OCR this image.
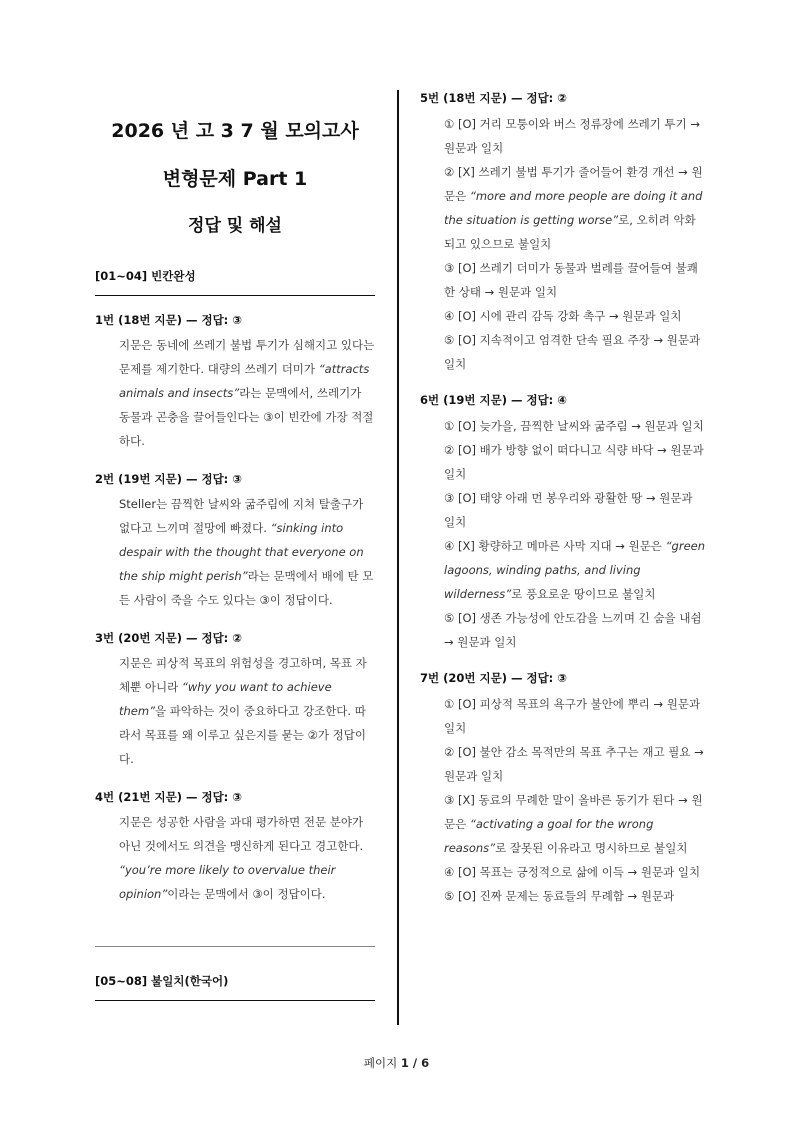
2026 년 고 3 7 월 모의고사
변형문제 Part 1
정답 및 해설
[01~04] 빈칸완성
1번 (18번 지문) — 정답: ③
지문은 동네에 쓰레기 불법 투기가 심해지고 있다는 문제를 제기한다. 대량의 쓰레기 더미가 “attracts animals and insects”라는 문맥에서, 쓰레기가 동물과 곤충을 끌어들인다는 ③이 빈칸에 가장 적절하다.
2번 (19번 지문) — 정답: ③
Steller는 끔찍한 날씨와 굶주림에 지쳐 탈출구가 없다고 느끼며 절망에 빠졌다. “sinking into despair with the thought that everyone on the ship might perish”라는 문맥에서 배에 탄 모든 사람이 죽을 수도 있다는 ③이 정답이다.
3번 (20번 지문) — 정답: ②
지문은 피상적 목표의 위험성을 경고하며, 목표 자체뿐 아니라 “why you want to achieve them”을 파악하는 것이 중요하다고 강조한다. 따라서 목표를 왜 이루고 싶은지를 묻는 ②가 정답이다.
4번 (21번 지문) — 정답: ③
지문은 성공한 사람을 과대 평가하면 전문 분야가 아닌 것에서도 의견을 맹신하게 된다고 경고한다. “you’re more likely to overvalue their opinion”이라는 문맥에서 ③이 정답이다.
[05~08] 불일치(한국어)
5번 (18번 지문) — 정답: ②
① [O] 거리 모퉁이와 버스 정류장에 쓰레기 투기 → 원문과 일치
② [X] 쓰레기 불법 투기가 줄어들어 환경 개선 → 원문은 “more and more people are doing it and the situation is getting worse”로, 오히려 악화되고 있으므로 불일치
③ [O] 쓰레기 더미가 동물과 벌레를 끌어들여 불쾌한 상태 → 원문과 일치
④ [O] 시에 관리 감독 강화 촉구 → 원문과 일치
⑤ [O] 지속적이고 엄격한 단속 필요 주장 → 원문과 일치
6번 (19번 지문) — 정답: ④
① [O] 늦가을, 끔찍한 날씨와 굶주림 → 원문과 일치
② [O] 배가 방향 없이 떠다니고 식량 바닥 → 원문과 일치
③ [O] 태양 아래 먼 봉우리와 광활한 땅 → 원문과 일치
④ [X] 황량하고 메마른 사막 지대 → 원문은 “green lagoons, winding paths, and living wilderness”로 풍요로운 땅이므로 불일치
⑤ [O] 생존 가능성에 안도감을 느끼며 긴 숨을 내쉼 → 원문과 일치
7번 (20번 지문) — 정답: ③
① [O] 피상적 목표의 욕구가 불안에 뿌리 → 원문과 일치
② [O] 불안 감소 목적만의 목표 추구는 재고 필요 → 원문과 일치
③ [X] 동료의 무례한 말이 올바른 동기가 된다 → 원문은 “activating a goal for the wrong reasons”로 잘못된 이유라고 명시하므로 불일치
④ [O] 목표는 긍정적으로 삶에 이득 → 원문과 일치
⑤ [O] 진짜 문제는 동료들의 무례함 → 원문과
페이지 1 / 6
